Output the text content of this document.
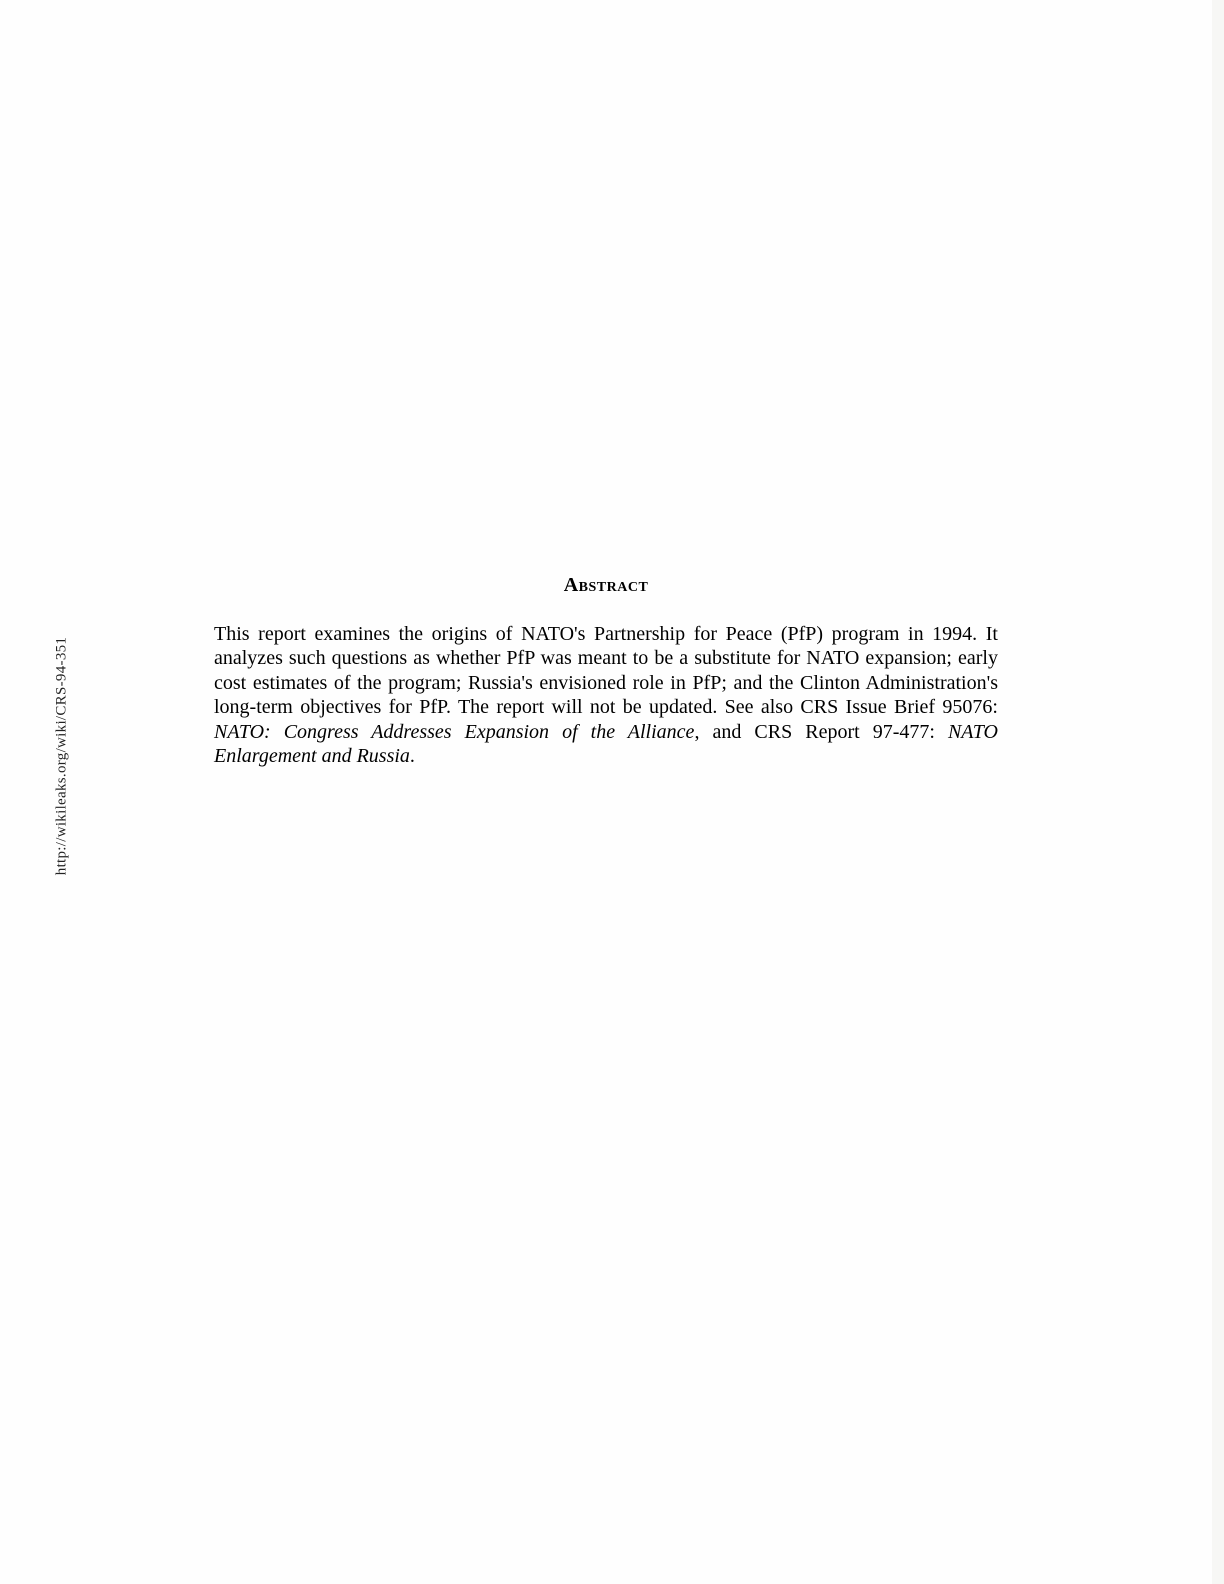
http://wikileaks.org/wiki/CRS-94-351
Abstract

This report examines the origins of NATO's Partnership for Peace (PfP) program in 1994. It analyzes such questions as whether PfP was meant to be a substitute for NATO expansion; early cost estimates of the program; Russia's envisioned role in PfP; and the Clinton Administration's long-term objectives for PfP. The report will not be updated. See also CRS Issue Brief 95076: NATO: Congress Addresses Expansion of the Alliance, and CRS Report 97-477: NATO Enlargement and Russia.
